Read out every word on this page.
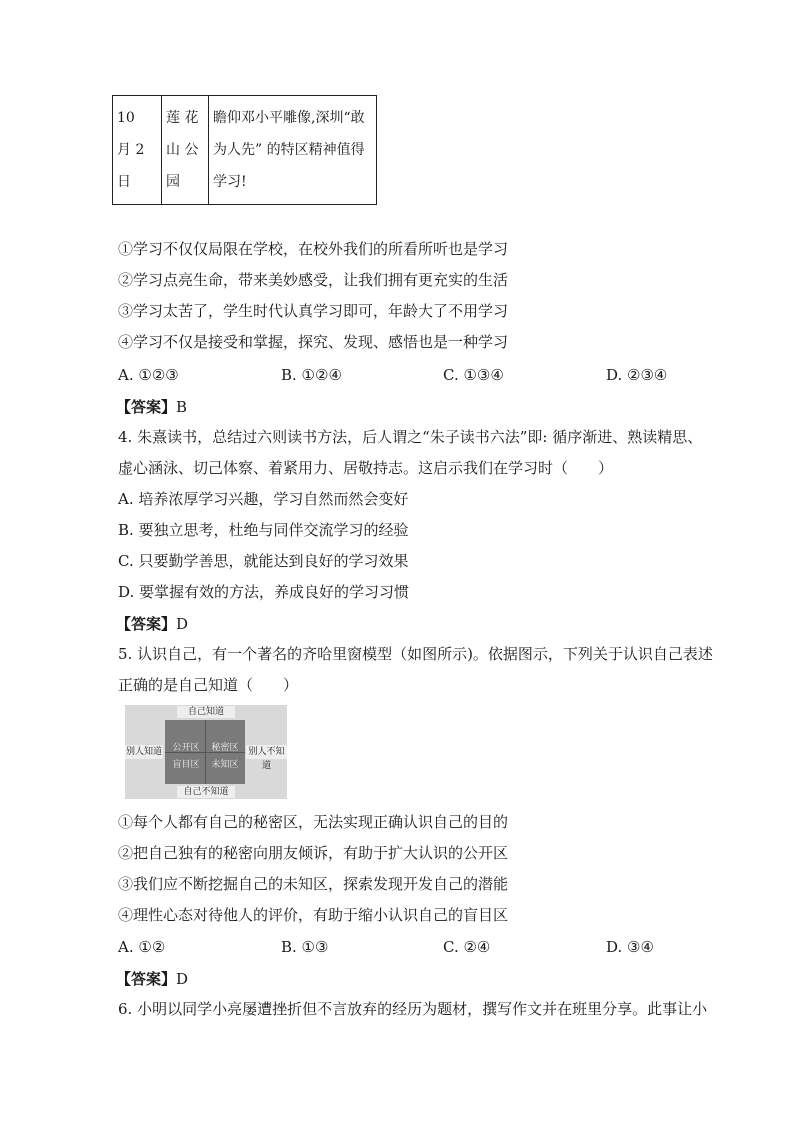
10
月 2
日

莲 花
山 公
园

瞻仰邓小平雕像,深圳“敢
为人先” 的特区精神值得
学习!
①学习不仅仅局限在学校，在校外我们的所看所听也是学习
②学习点亮生命，带来美妙感受，让我们拥有更充实的生活
③学习太苦了，学生时代认真学习即可，年龄大了不用学习
④学习不仅是接受和掌握，探究、发现、感悟也是一种学习
A. ①②③	B. ①②④	C. ①③④	D. ②③④
【答案】B
4. 朱熹读书，总结过六则读书方法，后人谓之“朱子读书六法”即: 循序渐进、熟读精思、
虚心涵泳、切己体察、着紧用力、居敬持志。这启示我们在学习时（　　）
A. 培养浓厚学习兴趣，学习自然而然会变好
B. 要独立思考，杜绝与同伴交流学习的经验
C. 只要勤学善思，就能达到良好的学习效果
D. 要掌握有效的方法，养成良好的学习习惯
【答案】D
5. 认识自己，有一个著名的齐哈里窗模型（如图所示)。依据图示，下列关于认识自己表述
正确的是自己知道（　　）
自己知道
自己不知道
别人知道	别人不知道
公开区	秘密区
盲目区	未知区
①每个人都有自己的秘密区，无法实现正确认识自己的目的
②把自己独有的秘密向朋友倾诉，有助于扩大认识的公开区
③我们应不断挖掘自己的未知区，探索发现开发自己的潜能
④理性心态对待他人的评价，有助于缩小认识自己的盲目区
A. ①②	B. ①③	C. ②④	D. ③④
【答案】D
6. 小明以同学小亮屡遭挫折但不言放弃的经历为题材，撰写作文并在班里分享。此事让小
